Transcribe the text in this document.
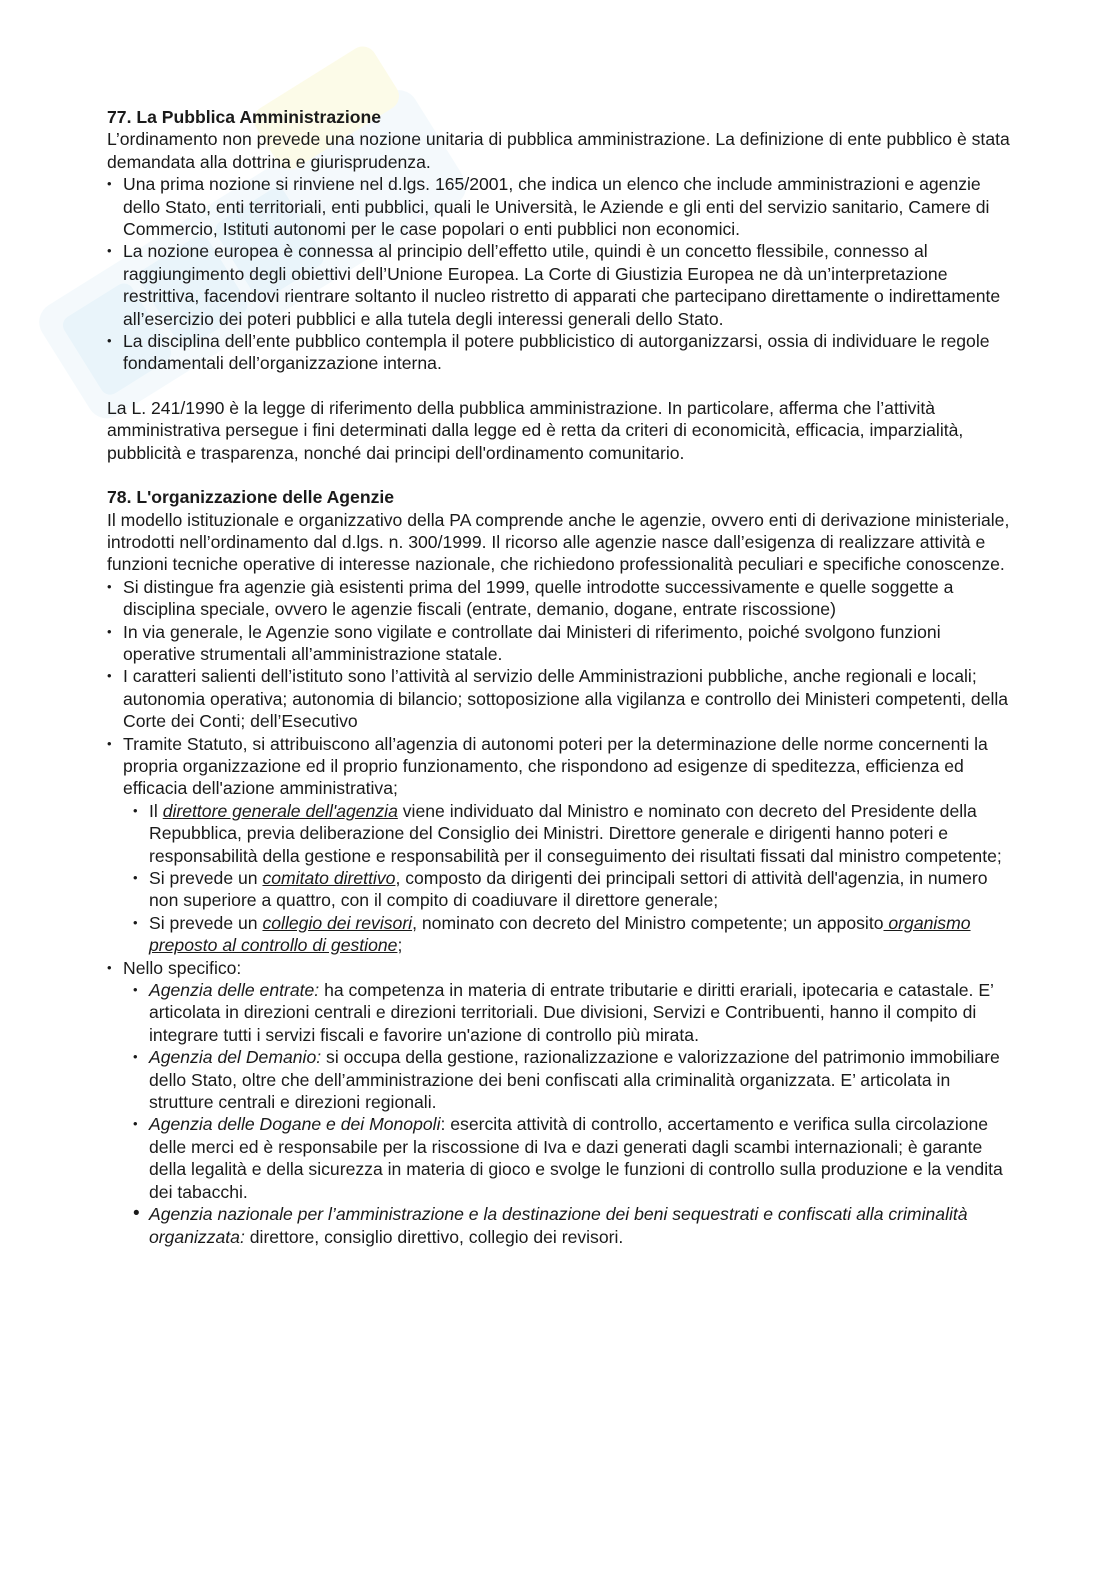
77. La Pubblica Amministrazione

L’ordinamento non prevede una nozione unitaria di pubblica amministrazione. La definizione di ente pubblico è stata demandata alla dottrina e giurisprudenza.

• Una prima nozione si rinviene nel d.lgs. 165/2001, che indica un elenco che include amministrazioni e agenzie dello Stato, enti territoriali, enti pubblici, quali le Università, le Aziende e gli enti del servizio sanitario, Camere di Commercio, Istituti autonomi per le case popolari o enti pubblici non economici.
• La nozione europea è connessa al principio dell’effetto utile, quindi è un concetto flessibile, connesso al raggiungimento degli obiettivi dell’Unione Europea. La Corte di Giustizia Europea ne dà un’interpretazione restrittiva, facendovi rientrare soltanto il nucleo ristretto di apparati che partecipano direttamente o indirettamente all’esercizio dei poteri pubblici e alla tutela degli interessi generali dello Stato.
• La disciplina dell’ente pubblico contempla il potere pubblicistico di autorganizzarsi, ossia di individuare le regole fondamentali dell’organizzazione interna.

La L. 241/1990 è la legge di riferimento della pubblica amministrazione. In particolare, afferma che l’attività amministrativa persegue i fini determinati dalla legge ed è retta da criteri di economicità, efficacia, imparzialità, pubblicità e trasparenza, nonché dai principi dell'ordinamento comunitario.

78. L'organizzazione delle Agenzie

Il modello istituzionale e organizzativo della PA comprende anche le agenzie, ovvero enti di derivazione ministeriale, introdotti nell’ordinamento dal d.lgs. n. 300/1999. Il ricorso alle agenzie nasce dall’esigenza di realizzare attività e funzioni tecniche operative di interesse nazionale, che richiedono professionalità peculiari e specifiche conoscenze.

• Si distingue fra agenzie già esistenti prima del 1999, quelle introdotte successivamente e quelle soggette a disciplina speciale, ovvero le agenzie fiscali (entrate, demanio, dogane, entrate riscossione)
• In via generale, le Agenzie sono vigilate e controllate dai Ministeri di riferimento, poiché svolgono funzioni operative strumentali all’amministrazione statale.
• I caratteri salienti dell’istituto sono l’attività al servizio delle Amministrazioni pubbliche, anche regionali e locali; autonomia operativa; autonomia di bilancio; sottoposizione alla vigilanza e controllo dei Ministeri competenti, della Corte dei Conti; dell’Esecutivo
• Tramite Statuto, si attribuiscono all’agenzia di autonomi poteri per la determinazione delle norme concernenti la propria organizzazione ed il proprio funzionamento, che rispondono ad esigenze di speditezza, efficienza ed efficacia dell'azione amministrativa;
• Il direttore generale dell'agenzia viene individuato dal Ministro e nominato con decreto del Presidente della Repubblica, previa deliberazione del Consiglio dei Ministri. Direttore generale e dirigenti hanno poteri e responsabilità della gestione e responsabilità per il conseguimento dei risultati fissati dal ministro competente;
• Si prevede un comitato direttivo, composto da dirigenti dei principali settori di attività dell'agenzia, in numero non superiore a quattro, con il compito di coadiuvare il direttore generale;
• Si prevede un collegio dei revisori, nominato con decreto del Ministro competente; un apposito organismo preposto al controllo di gestione;
• Nello specifico:
• Agenzia delle entrate: ha competenza in materia di entrate tributarie e diritti erariali, ipotecaria e catastale. E’ articolata in direzioni centrali e direzioni territoriali. Due divisioni, Servizi e Contribuenti, hanno il compito di integrare tutti i servizi fiscali e favorire un'azione di controllo più mirata.
• Agenzia del Demanio: si occupa della gestione, razionalizzazione e valorizzazione del patrimonio immobiliare dello Stato, oltre che dell’amministrazione dei beni confiscati alla criminalità organizzata. E’ articolata in strutture centrali e direzioni regionali.
• Agenzia delle Dogane e dei Monopoli: esercita attività di controllo, accertamento e verifica sulla circolazione delle merci ed è responsabile per la riscossione di Iva e dazi generati dagli scambi internazionali; è garante della legalità e della sicurezza in materia di gioco e svolge le funzioni di controllo sulla produzione e la vendita dei tabacchi.
• Agenzia nazionale per l’amministrazione e la destinazione dei beni sequestrati e confiscati alla criminalità organizzata: direttore, consiglio direttivo, collegio dei revisori.
